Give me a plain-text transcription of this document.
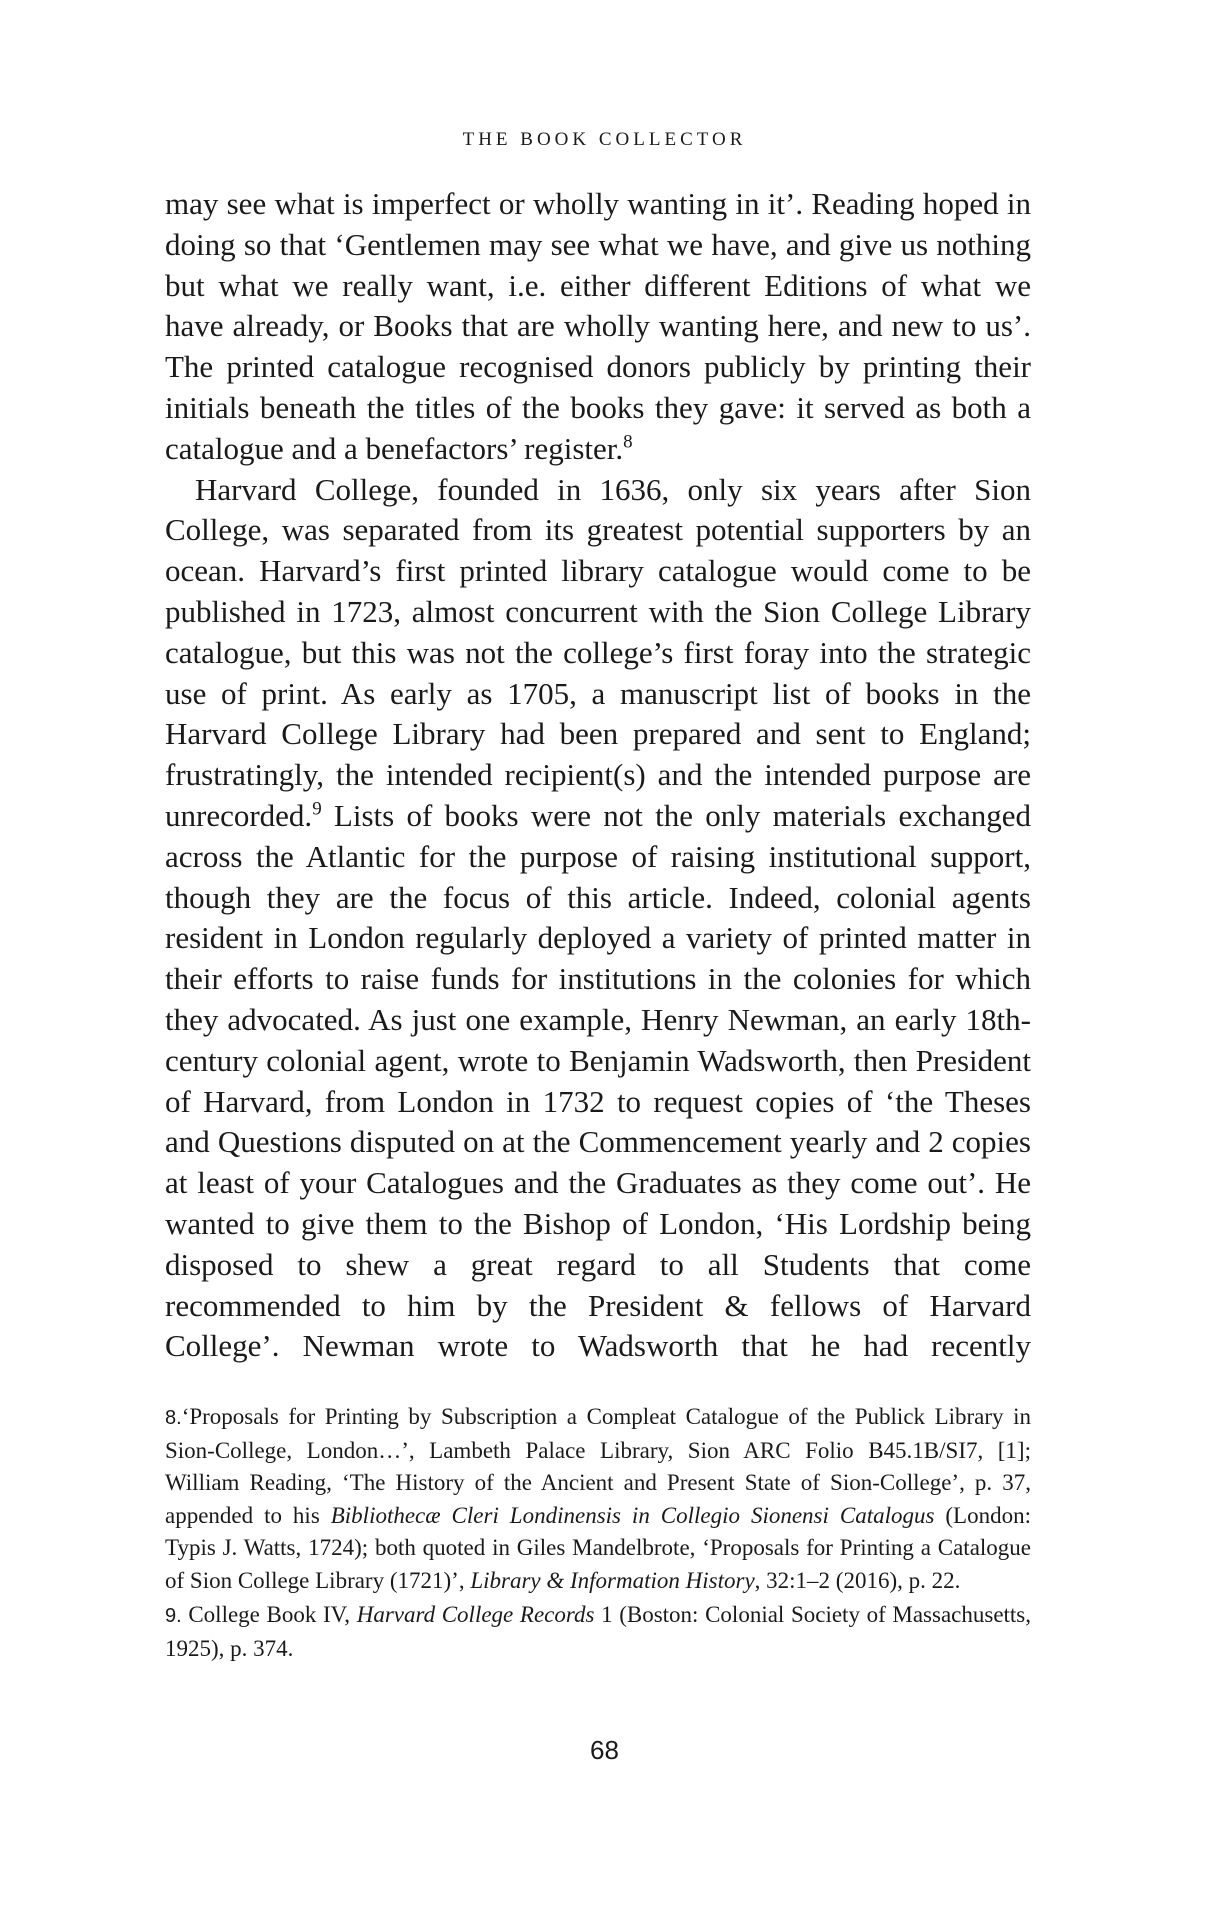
THE BOOK COLLECTOR

may see what is imperfect or wholly wanting in it’. Reading hoped in doing so that ‘Gentlemen may see what we have, and give us nothing but what we really want, i.e. either different Editions of what we have already, or Books that are wholly wanting here, and new to us’. The printed catalogue recognised donors publicly by printing their initials beneath the titles of the books they gave: it served as both a catalogue and a benefactors’ register.$^8$

Harvard College, founded in 1636, only six years after Sion College, was separated from its greatest potential supporters by an ocean. Harvard’s first printed library catalogue would come to be published in 1723, almost concurrent with the Sion College Library catalogue, but this was not the college’s first foray into the strategic use of print. As early as 1705, a manuscript list of books in the Harvard College Library had been prepared and sent to England; frustratingly, the intended recipient(s) and the intended purpose are unrecorded.$^9$ Lists of books were not the only materials exchanged across the Atlantic for the purpose of raising institutional support, though they are the focus of this article. Indeed, colonial agents resident in London regularly deployed a variety of printed matter in their efforts to raise funds for institutions in the colonies for which they advocated. As just one example, Henry Newman, an early 18th-century colonial agent, wrote to Benjamin Wadsworth, then President of Harvard, from London in 1732 to request copies of ‘the Theses and Questions disputed on at the Commencement yearly and 2 copies at least of your Catalogues and the Graduates as they come out’. He wanted to give them to the Bishop of London, ‘His Lordship being disposed to shew a great regard to all Students that come recommended to him by the President & fellows of Harvard College’. Newman wrote to Wadsworth that he had recently

8.‘Proposals for Printing by Subscription a Compleat Catalogue of the Publick Library in Sion-College, London…’, Lambeth Palace Library, Sion ARC Folio B45.1B/SI7, [1]; William Reading, ‘The History of the Ancient and Present State of Sion-College’, p. 37, appended to his Bibliothecæ Cleri Londinensis in Collegio Sionensi Catalogus (London: Typis J. Watts, 1724); both quoted in Giles Mandelbrote, ‘Proposals for Printing a Catalogue of Sion College Library (1721)’, Library & Information History, 32:1–2 (2016), p. 22.

9. College Book IV, Harvard College Records 1 (Boston: Colonial Society of Massachusetts, 1925), p. 374.

68
